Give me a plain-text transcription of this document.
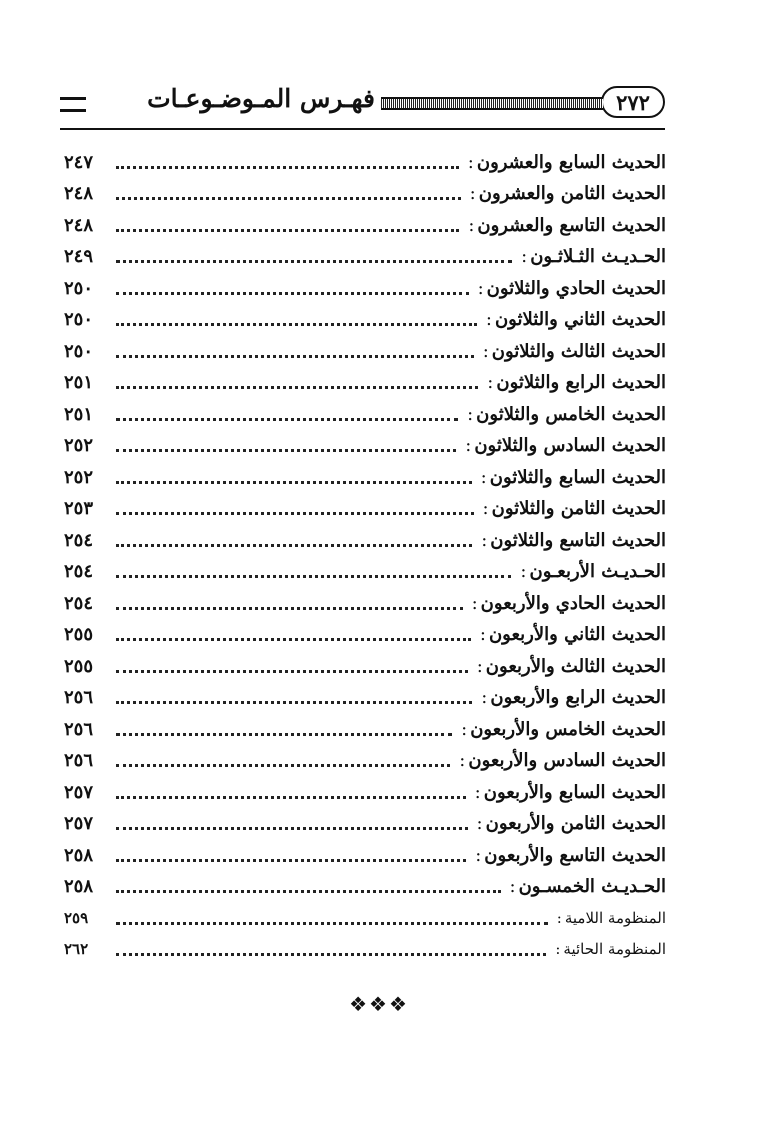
٢٧٢
فهـرس المـوضـوعـات
الحديث السابع والعشرون
:
٢٤٧
الحديث الثامن والعشرون
:
٢٤٨
الحديث التاسع والعشرون
:
٢٤٨
الحـديـث الثـلاثـون
:
٢٤٩
الحديث الحادي والثلاثون
:
٢٥٠
الحديث الثاني والثلاثون
:
٢٥٠
الحديث الثالث والثلاثون
:
٢٥٠
الحديث الرابع والثلاثون
:
٢٥١
الحديث الخامس والثلاثون
:
٢٥١
الحديث السادس والثلاثون
:
٢٥٢
الحديث السابع والثلاثون
:
٢٥٢
الحديث الثامن والثلاثون
:
٢٥٣
الحديث التاسع والثلاثون
:
٢٥٤
الحـديـث الأربعـون
:
٢٥٤
الحديث الحادي والأربعون
:
٢٥٤
الحديث الثاني والأربعون
:
٢٥٥
الحديث الثالث والأربعون
:
٢٥٥
الحديث الرابع والأربعون
:
٢٥٦
الحديث الخامس والأربعون
:
٢٥٦
الحديث السادس والأربعون
:
٢٥٦
الحديث السابع والأربعون
:
٢٥٧
الحديث الثامن والأربعون
:
٢٥٧
الحديث التاسع والأربعون
:
٢٥٨
الحـديـث الخمسـون
:
٢٥٨
المنظومة اللامية
:
٢٥٩
المنظومة الحائية
:
٢٦٢
❖❖❖
